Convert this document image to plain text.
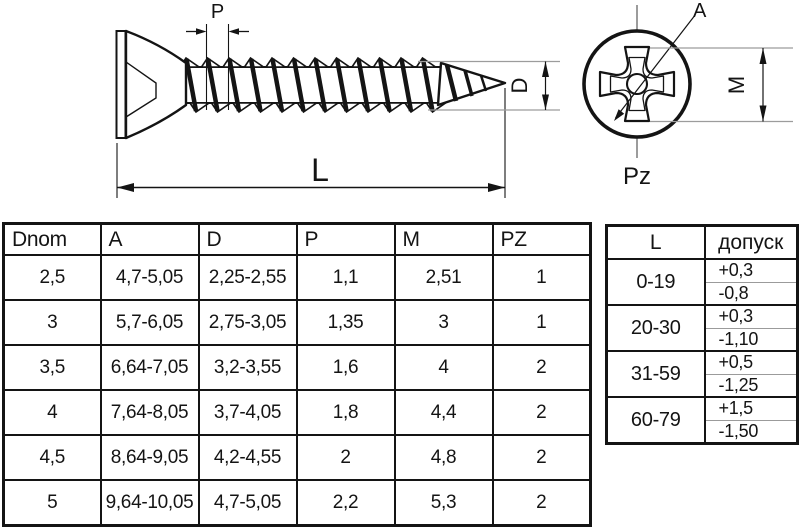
P
L
D
A
M
Pz
Dnom	A	D	P	M	PZ
2,5	4,7-5,05	2,25-2,55	1,1	2,51	1
3	5,7-6,05	2,75-3,05	1,35	3	1
3,5	6,64-7,05	3,2-3,55	1,6	4	2
4	7,64-8,05	3,7-4,05	1,8	4,4	2
4,5	8,64-9,05	4,2-4,55	2	4,8	2
5	9,64-10,05	4,7-5,05	2,2	5,3	2
L	допуск
0-19	+0,3
-0,8

20-30	+0,3
-1,10

31-59	+0,5
-1,25

60-79	+1,5
-1,50
